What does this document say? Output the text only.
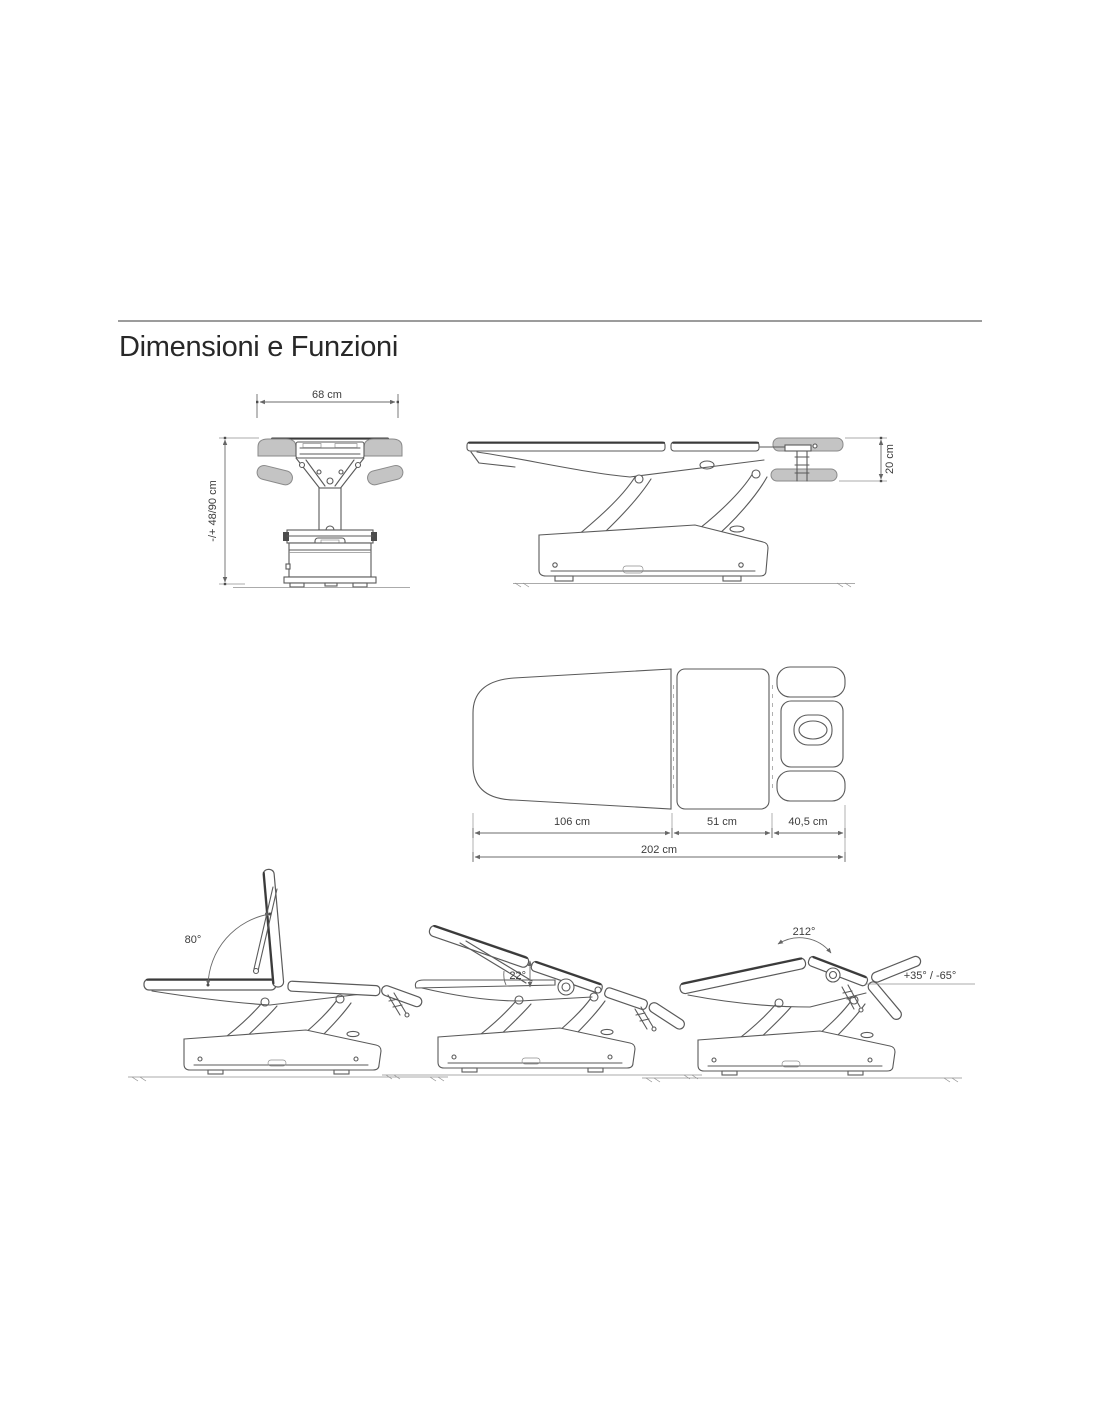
Dimensioni e Funzioni
68 cm
-/+ 48/90 cm
20 cm
106 cm	51 cm	40,5 cm
202 cm
80°
22°
212°
+35° / -65°
